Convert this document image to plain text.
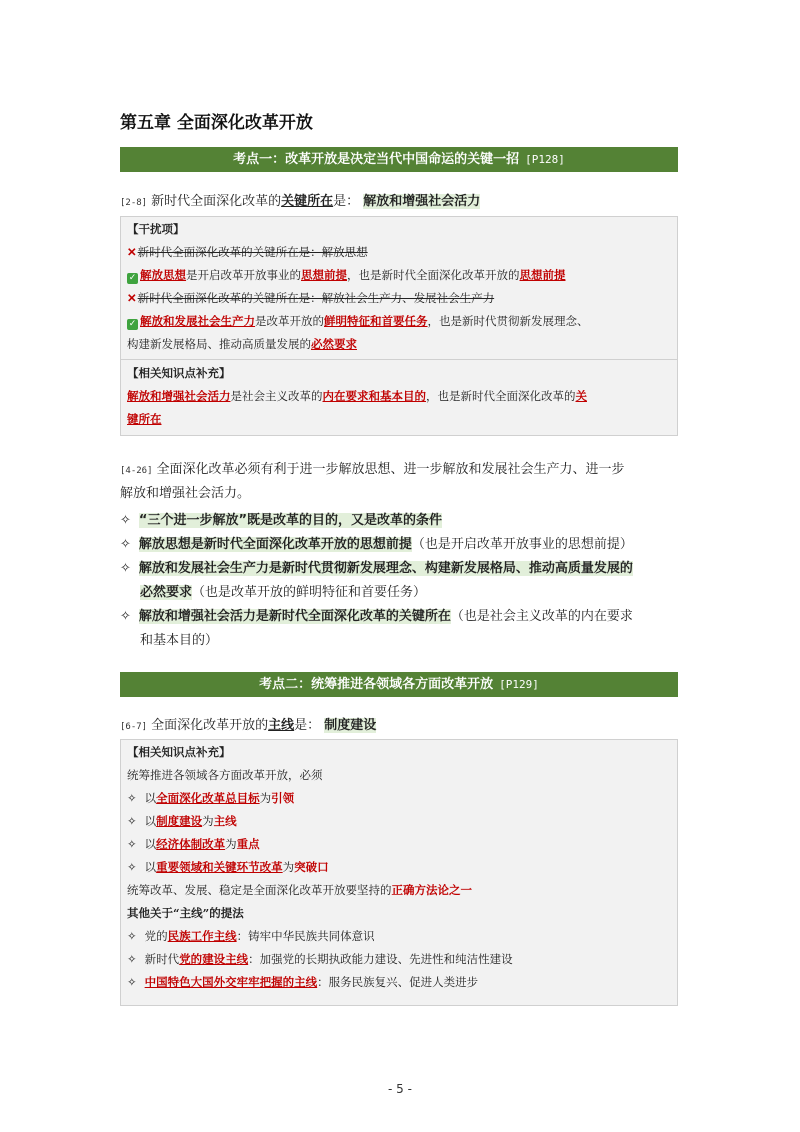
第五章 全面深化改革开放
考点一：改革开放是决定当代中国命运的关键一招 [P128]
[2-8] 新时代全面深化改革的关键所在是： 解放和增强社会活力
【干扰项】
✕新时代全面深化改革的关键所在是：解放思想
✓ 解放思想是开启改革开放事业的思想前提，也是新时代全面深化改革开放的思想前提
✕新时代全面深化改革的关键所在是：解放社会生产力、发展社会生产力
✓ 解放和发展社会生产力是改革开放的鲜明特征和首要任务，也是新时代贯彻新发展理念、
构建新发展格局、推动高质量发展的必然要求
【相关知识点补充】
解放和增强社会活力是社会主义改革的内在要求和基本目的，也是新时代全面深化改革的关
键所在
[4-26] 全面深化改革必须有利于进一步解放思想、进一步解放和发展社会生产力、进一步
解放和增强社会活力。
✧ “三个进一步解放”既是改革的目的，又是改革的条件
✧ 解放思想是新时代全面深化改革开放的思想前提（也是开启改革开放事业的思想前提）
✧ 解放和发展社会生产力是新时代贯彻新发展理念、构建新发展格局、推动高质量发展的
必然要求（也是改革开放的鲜明特征和首要任务）
✧ 解放和增强社会活力是新时代全面深化改革的关键所在（也是社会主义改革的内在要求
和基本目的）
考点二：统筹推进各领域各方面改革开放 [P129]
[6-7] 全面深化改革开放的主线是： 制度建设
【相关知识点补充】
统筹推进各领域各方面改革开放，必须
✧ 以全面深化改革总目标为引领
✧ 以制度建设为主线
✧ 以经济体制改革为重点
✧ 以重要领域和关键环节改革为突破口
统筹改革、发展、稳定是全面深化改革开放要坚持的正确方法论之一
其他关于“主线”的提法
✧ 党的民族工作主线：铸牢中华民族共同体意识
✧ 新时代党的建设主线：加强党的长期执政能力建设、先进性和纯洁性建设
✧ 中国特色大国外交牢牢把握的主线：服务民族复兴、促进人类进步
- 5 -
